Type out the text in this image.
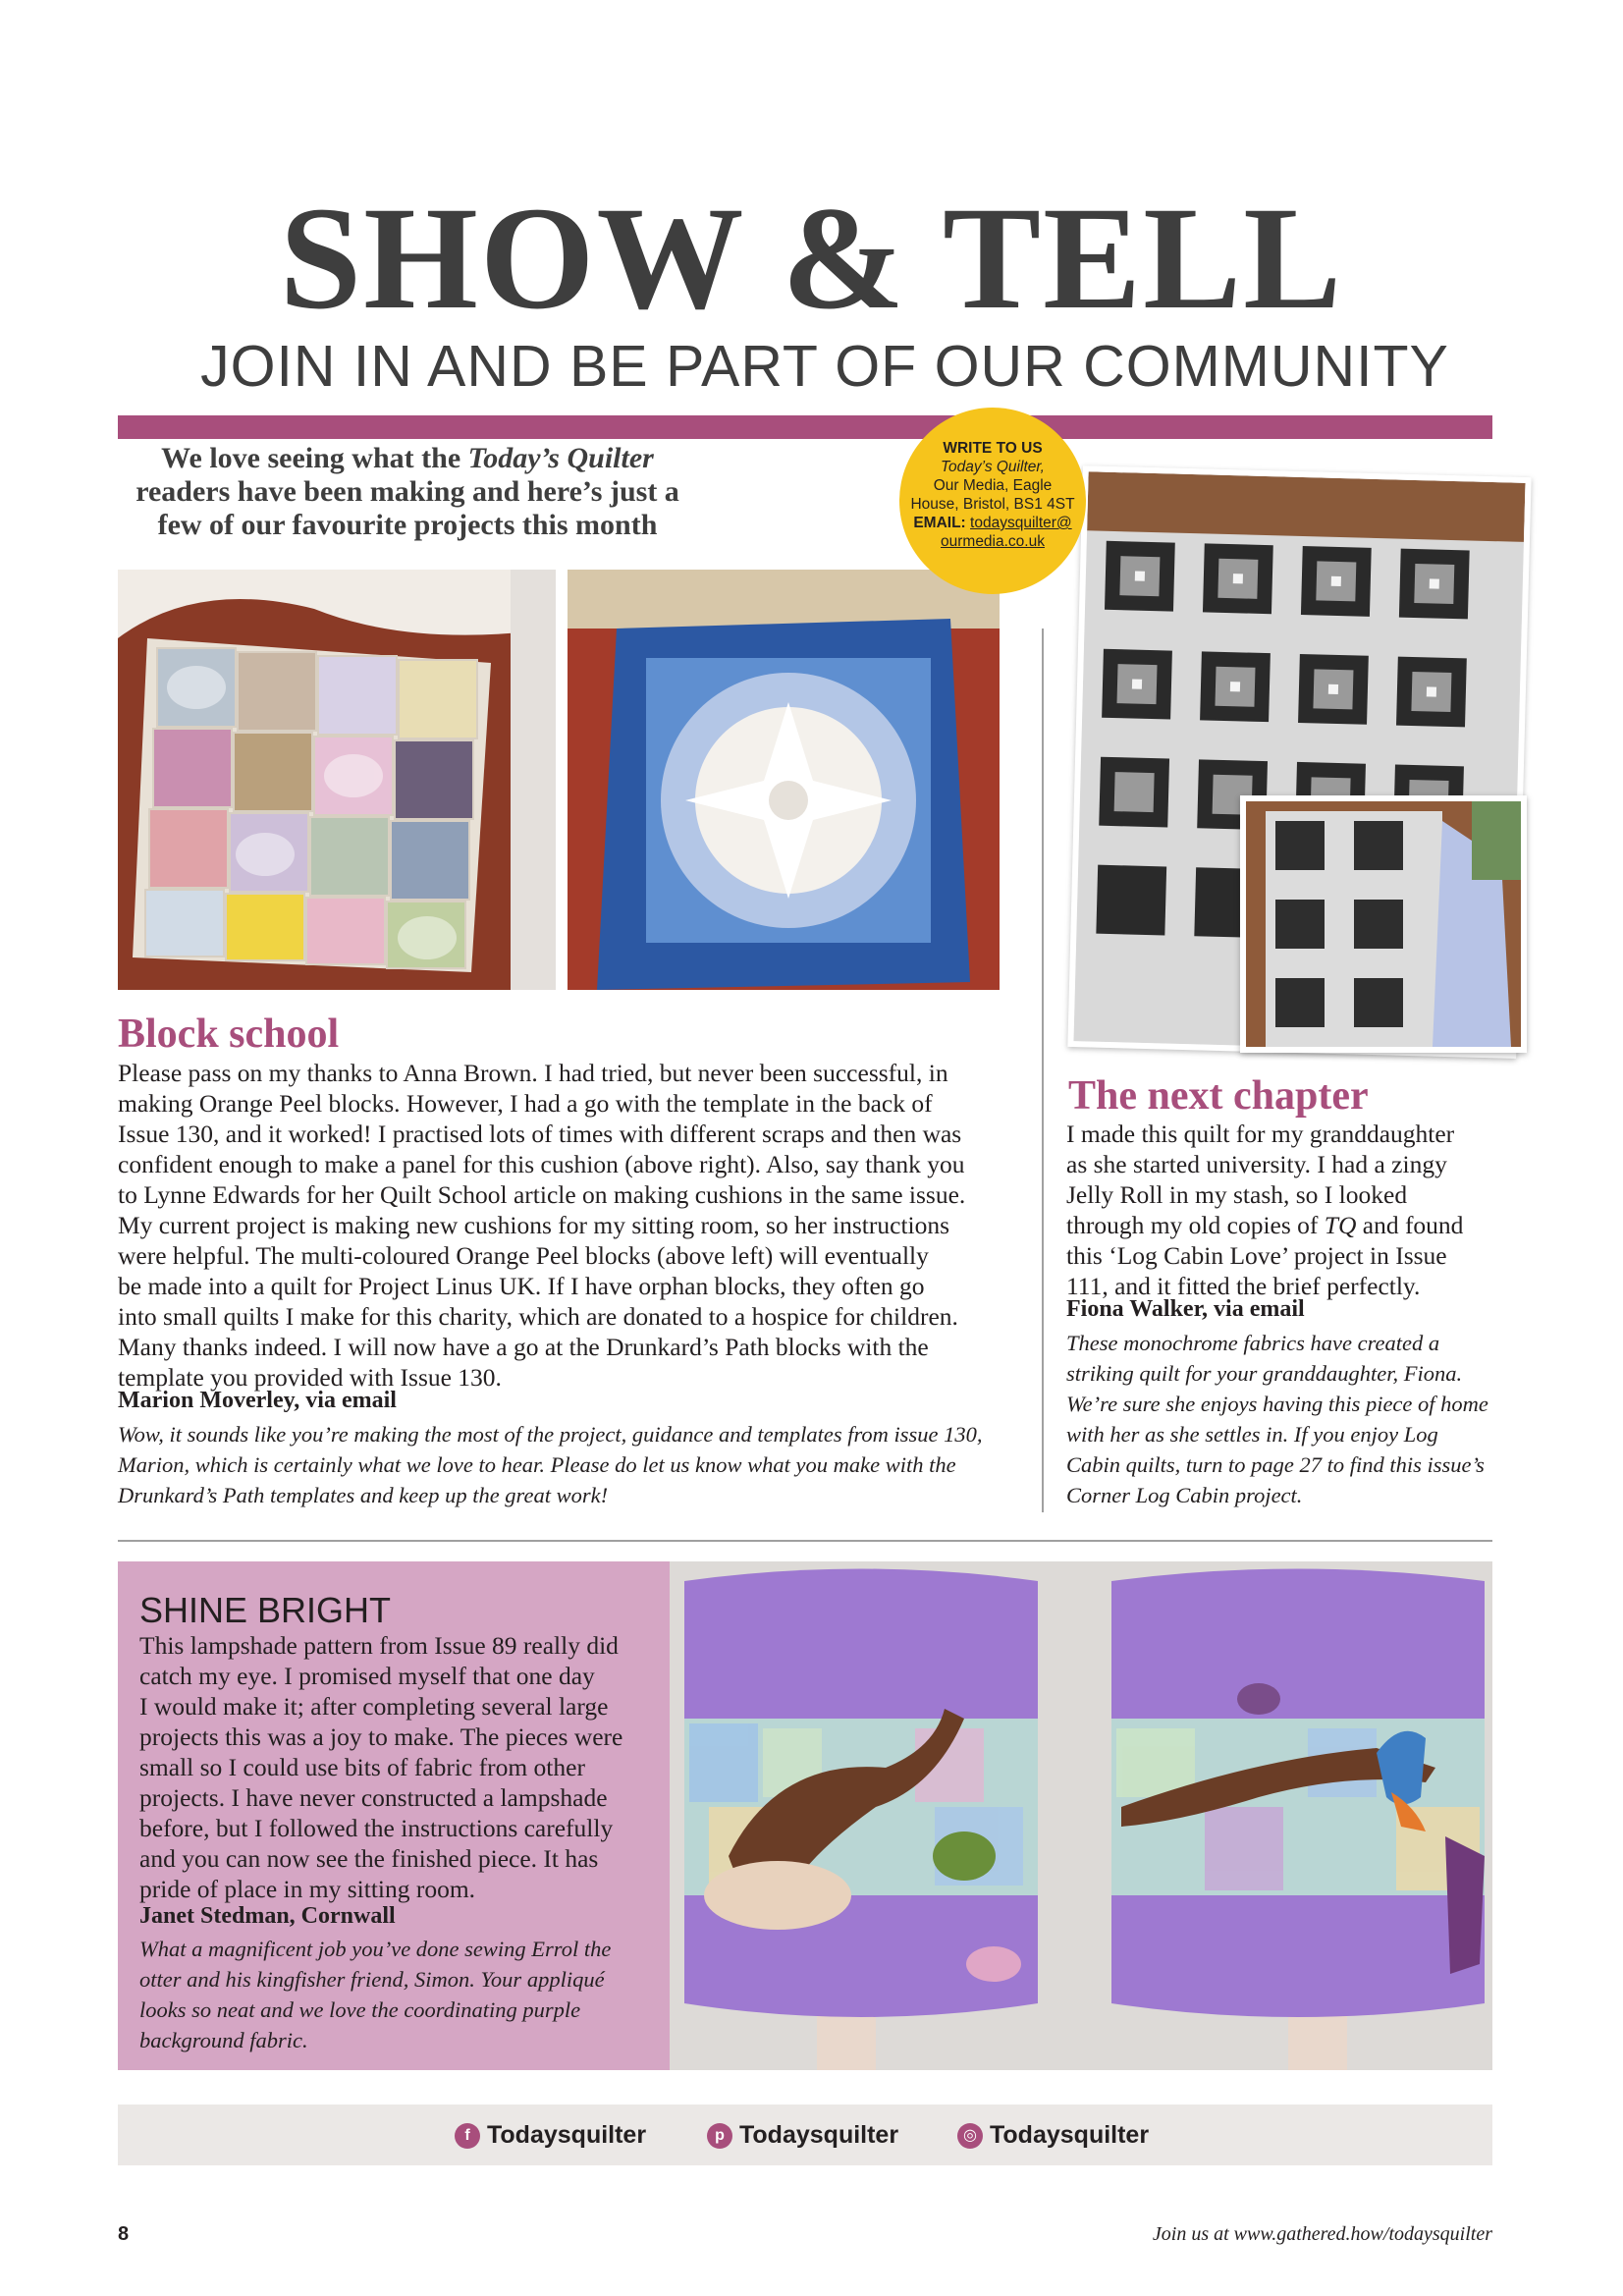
SHOW & TELL
JOIN IN AND BE PART OF OUR COMMUNITY
We love seeing what the Today’s Quilter readers have been making and here’s just a few of our favourite projects this month
WRITE TO US
Today’s Quilter,
Our Media, Eagle
House, Bristol, BS1 4ST
EMAIL: todaysquilter@
ourmedia.co.uk
Block school
Please pass on my thanks to Anna Brown. I had tried, but never been successful, in
making Orange Peel blocks. However, I had a go with the template in the back of
Issue 130, and it worked! I practised lots of times with different scraps and then was
confident enough to make a panel for this cushion (above right). Also, say thank you
to Lynne Edwards for her Quilt School article on making cushions in the same issue.
My current project is making new cushions for my sitting room, so her instructions
were helpful. The multi-coloured Orange Peel blocks (above left) will eventually
be made into a quilt for Project Linus UK. If I have orphan blocks, they often go
into small quilts I make for this charity, which are donated to a hospice for children.
Many thanks indeed. I will now have a go at the Drunkard’s Path blocks with the
template you provided with Issue 130.
Marion Moverley, via email
Wow, it sounds like you’re making the most of the project, guidance and templates from issue 130,
Marion, which is certainly what we love to hear. Please do let us know what you make with the
Drunkard’s Path templates and keep up the great work!
The next chapter
I made this quilt for my granddaughter
as she started university. I had a zingy
Jelly Roll in my stash, so I looked
through my old copies of TQ and found
this ‘Log Cabin Love’ project in Issue
111, and it fitted the brief perfectly.
Fiona Walker, via email
These monochrome fabrics have created a
striking quilt for your granddaughter, Fiona.
We’re sure she enjoys having this piece of home
with her as she settles in. If you enjoy Log
Cabin quilts, turn to page 27 to find this issue’s
Corner Log Cabin project.
SHINE BRIGHT
This lampshade pattern from Issue 89 really did
catch my eye. I promised myself that one day
I would make it; after completing several large
projects this was a joy to make. The pieces were
small so I could use bits of fabric from other
projects. I have never constructed a lampshade
before, but I followed the instructions carefully
and you can now see the finished piece. It has
pride of place in my sitting room.
Janet Stedman, Cornwall
What a magnificent job you’ve done sewing Errol the
otter and his kingfisher friend, Simon. Your appliqué
looks so neat and we love the coordinating purple
background fabric.
f Todaysquilter	p Todaysquilter	◎ Todaysquilter
8	Join us at www.gathered.how/todaysquilter
